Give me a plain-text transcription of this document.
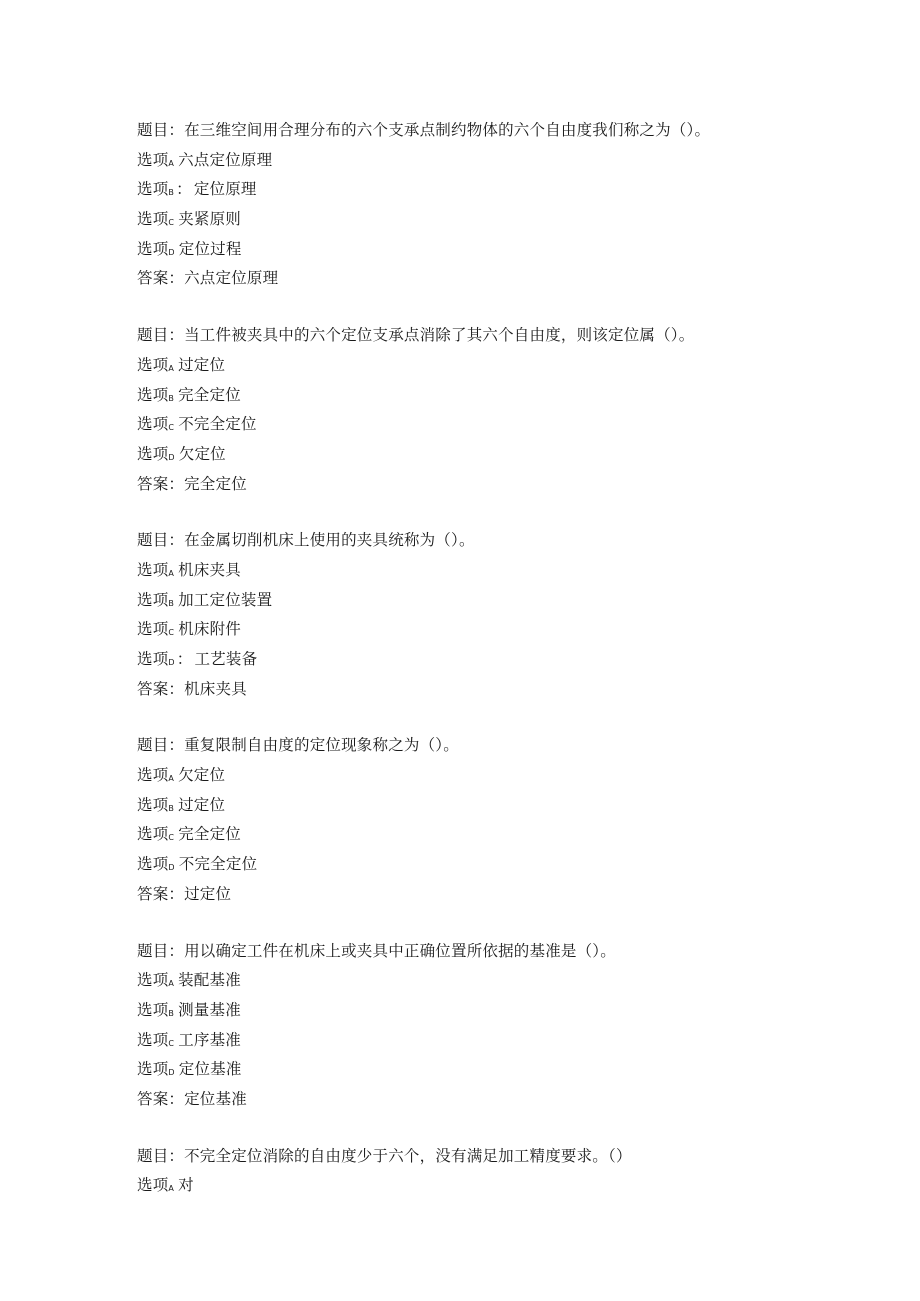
题目：在三维空间用合理分布的六个支承点制约物体的六个自由度我们称之为（）。
选项A 六点定位原理
选项B ： 定位原理
选项C 夹紧原则
选项D 定位过程
答案：六点定位原理
题目：当工件被夹具中的六个定位支承点消除了其六个自由度，则该定位属（）。
选项A 过定位
选项B 完全定位
选项C 不完全定位
选项D 欠定位
答案：完全定位
题目：在金属切削机床上使用的夹具统称为（）。
选项A 机床夹具
选项B 加工定位装置
选项C 机床附件
选项D ： 工艺装备
答案：机床夹具
题目：重复限制自由度的定位现象称之为（）。
选项A 欠定位
选项B 过定位
选项C 完全定位
选项D 不完全定位
答案：过定位
题目：用以确定工件在机床上或夹具中正确位置所依据的基准是（）。
选项A 装配基准
选项B 测量基准
选项C 工序基准
选项D 定位基准
答案：定位基准
题目：不完全定位消除的自由度少于六个，没有满足加工精度要求。（）
选项A 对
